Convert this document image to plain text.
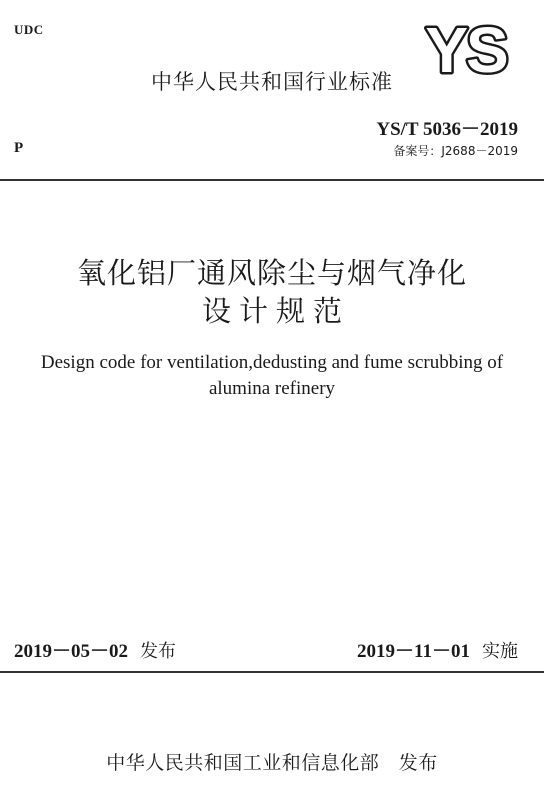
UDC	YS
中华人民共和国行业标准
P
YS/T 5036－2019
备案号：J2688－2019
氧化铝厂通风除尘与烟气净化
设计规范
Design code for ventilation,dedusting and fume scrubbing of
alumina refinery
2019－05－02 发布	2019－11－01 实施
中华人民共和国工业和信息化部　发布
